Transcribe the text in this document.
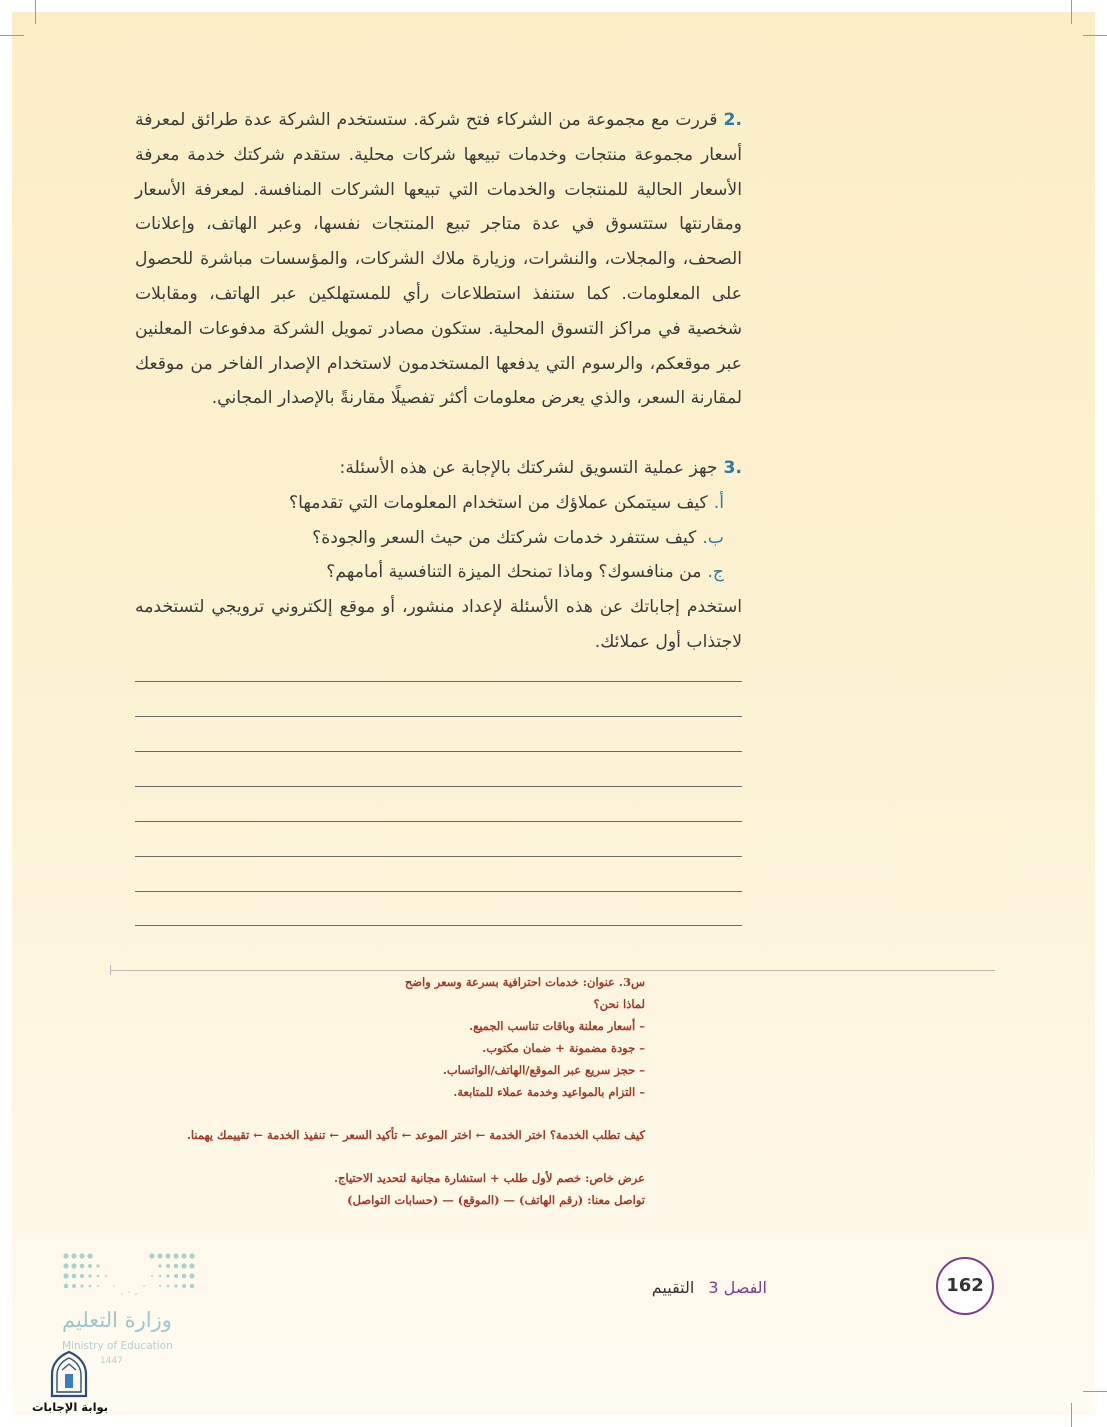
.2قررت مع مجموعة من الشركاء فتح شركة. ستستخدم الشركة عدة طرائق لمعرفة أسعار مجموعة منتجات وخدمات تبيعها شركات محلية. ستقدم شركتك خدمة معرفة الأسعار الحالية للمنتجات والخدمات التي تبيعها الشركات المنافسة. لمعرفة الأسعار ومقارنتها ستتسوق في عدة متاجر تبيع المنتجات نفسها، وعبر الهاتف، وإعلانات الصحف، والمجلات، والنشرات، وزيارة ملاك الشركات، والمؤسسات مباشرة للحصول على المعلومات. كما ستنفذ استطلاعات رأي للمستهلكين عبر الهاتف، ومقابلات شخصية في مراكز التسوق المحلية. ستكون مصادر تمويل الشركة مدفوعات المعلنين عبر موقعكم، والرسوم التي يدفعها المستخدمون لاستخدام الإصدار الفاخر من موقعك لمقارنة السعر، والذي يعرض معلومات أكثر تفصيلًا مقارنةً بالإصدار المجاني.
.3جهز عملية التسويق لشركتك بالإجابة عن هذه الأسئلة:
أ.كيف سيتمكن عملاؤك من استخدام المعلومات التي تقدمها؟
ب.كيف ستتفرد خدمات شركتك من حيث السعر والجودة؟
ج.من منافسوك؟ وماذا تمنحك الميزة التنافسية أمامهم؟
استخدم إجاباتك عن هذه الأسئلة لإعداد منشور، أو موقع إلكتروني ترويجي لتستخدمه لاجتذاب أول عملائك.
س3. عنوان: خدمات احترافية بسرعة وسعر واضح
لماذا نحن؟
– أسعار معلنة وباقات تناسب الجميع.
– جودة مضمونة + ضمان مكتوب.
– حجز سريع عبر الموقع/الهاتف/الواتساب.
– التزام بالمواعيد وخدمة عملاء للمتابعة.
كيف تطلب الخدمة؟ اختر الخدمة ← اختر الموعد ← تأكيد السعر ← تنفيذ الخدمة ← تقييمك يهمنا.
عرض خاص: خصم لأول طلب + استشارة مجانية لتحديد الاحتياج.
تواصل معنا: (رقم الهاتف) — (الموقع) — (حسابات التواصل)
162
الفصل 3التقييم
وزارة التعليم
Ministry of Education
1447
بوابة الإجابات
